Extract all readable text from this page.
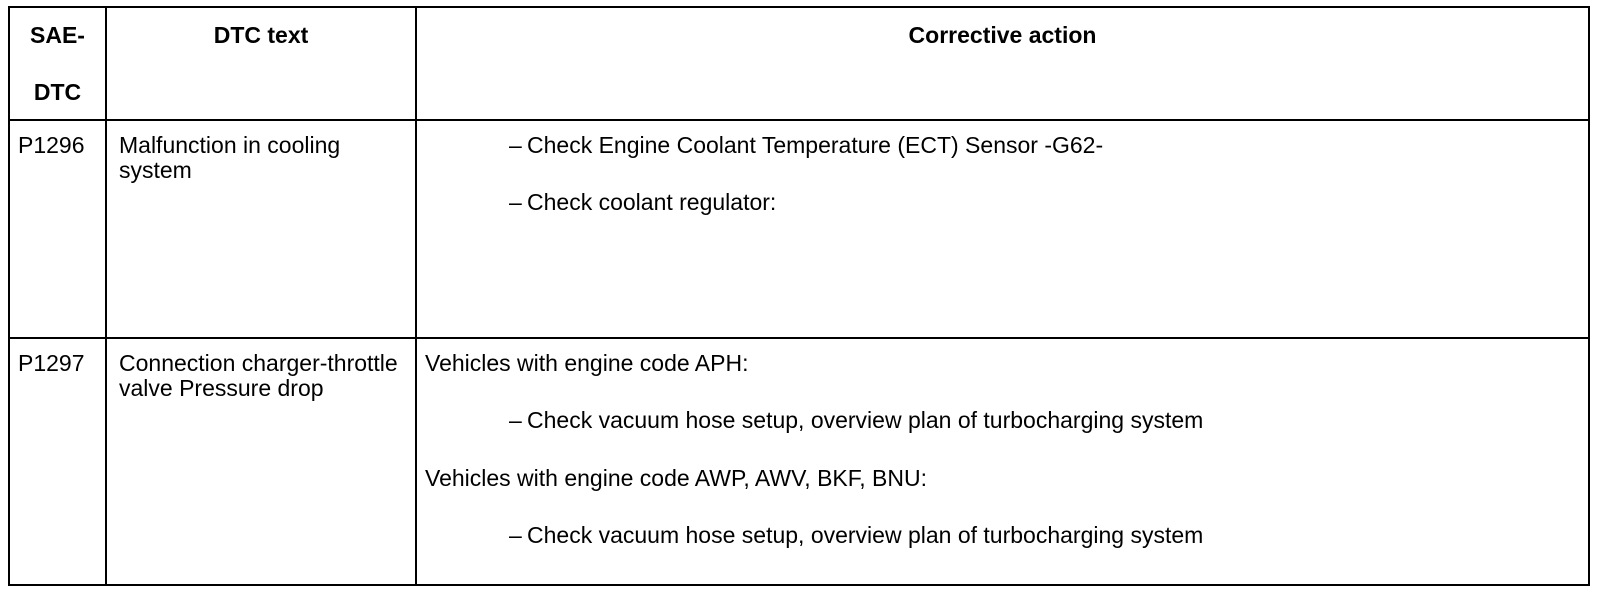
SAE-
DTC	DTC text	Corrective action

P1296	Malfunction in cooling system	– Check Engine Coolant Temperature (ECT) Sensor -G62-
– Check coolant regulator:

P1297	Connection charger-throttle valve Pressure drop	Vehicles with engine code APH:
– Check vacuum hose setup, overview plan of turbocharging system
Vehicles with engine code AWP, AWV, BKF, BNU:
– Check vacuum hose setup, overview plan of turbocharging system
